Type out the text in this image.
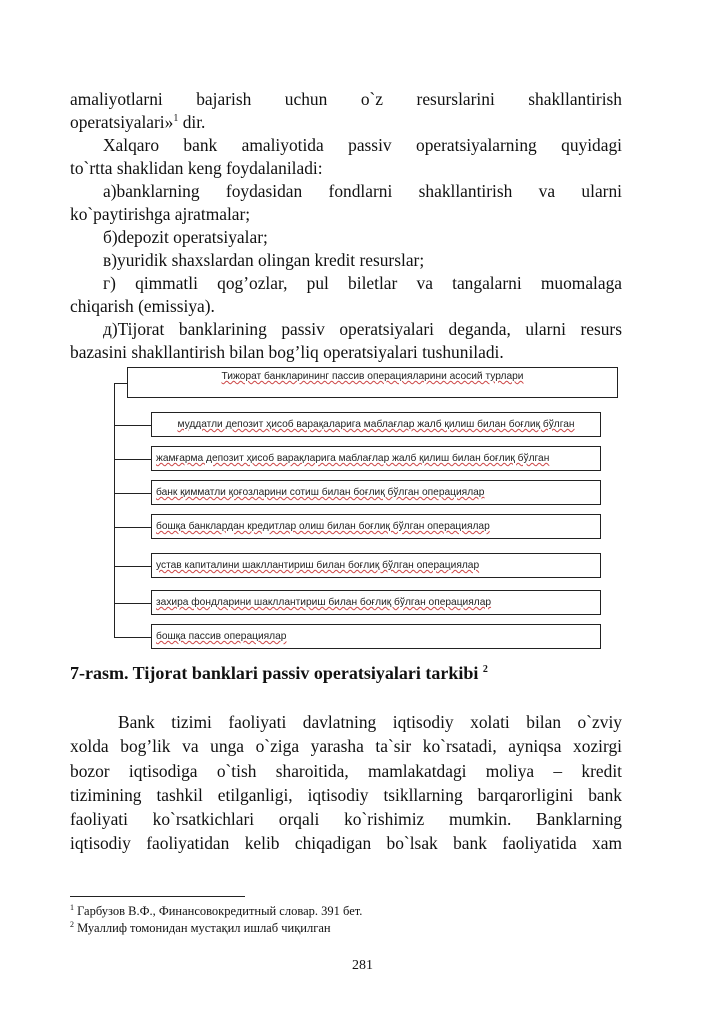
amaliyotlarni bajarish uchun o`z resurslarini shakllantirish
operatsiyalari»$^1$ dir.
Xalqaro bank amaliyotida passiv operatsiyalarning quyidagi
to`rtta shaklidan keng foydalaniladi:
а)banklarning foydasidan fondlarni shakllantirish va ularni
ko`paytirishga ajratmalar;
б)depozit operatsiyalar;
в)yuridik shaxslardan olingan kredit resurslar;
г) qimmatli qog’ozlar, pul biletlar va tangalarni muomalaga
chiqarish (emissiya).
д)Tijorat banklarining passiv operatsiyalari deganda, ularni resurs
bazasini shakllantirish bilan bog’liq operatsiyalari tushuniladi.
Тижорат банкларининг пассив операцияларини асосий турлари
муддатли депозит ҳисоб варақаларига маблағлар жалб қилиш билан боғлиқ бўлган
жамғарма депозит ҳисоб варақларига маблағлар жалб қилиш билан боғлиқ бўлган
банк қимматли қоғозларини сотиш билан боғлиқ бўлган операциялар
бошқа банклардан кредитлар олиш билан боғлиқ бўлган операциялар
устав капиталини шакллантириш билан боғлиқ бўлган операциялар
захира фондларини шакллантириш билан боғлиқ бўлган операциялар
бошқа пассив операциялар
7-rasm. Tijorat banklari passiv operatsiyalari tarkibi $^2$
Bank tizimi faoliyati davlatning iqtisodiy xolati bilan o`zviy
xolda bog’lik va unga o`ziga yarasha ta`sir ko`rsatadi, ayniqsa xozirgi
bozor iqtisodiga o`tish sharoitida, mamlakatdagi moliya – kredit
tizimining tashkil etilganligi, iqtisodiy tsikllarning barqarorligini bank
faoliyati ko`rsatkichlari orqali ko`rishimiz mumkin. Banklarning
iqtisodiy faoliyatidan kelib chiqadigan bo`lsak bank faoliyatida xam
$^1$ Гарбузов В.Ф., Финансовокредитный словар. 391 бет.
$^2$ Муаллиф томонидан мустақил ишлаб чиқилган
281
